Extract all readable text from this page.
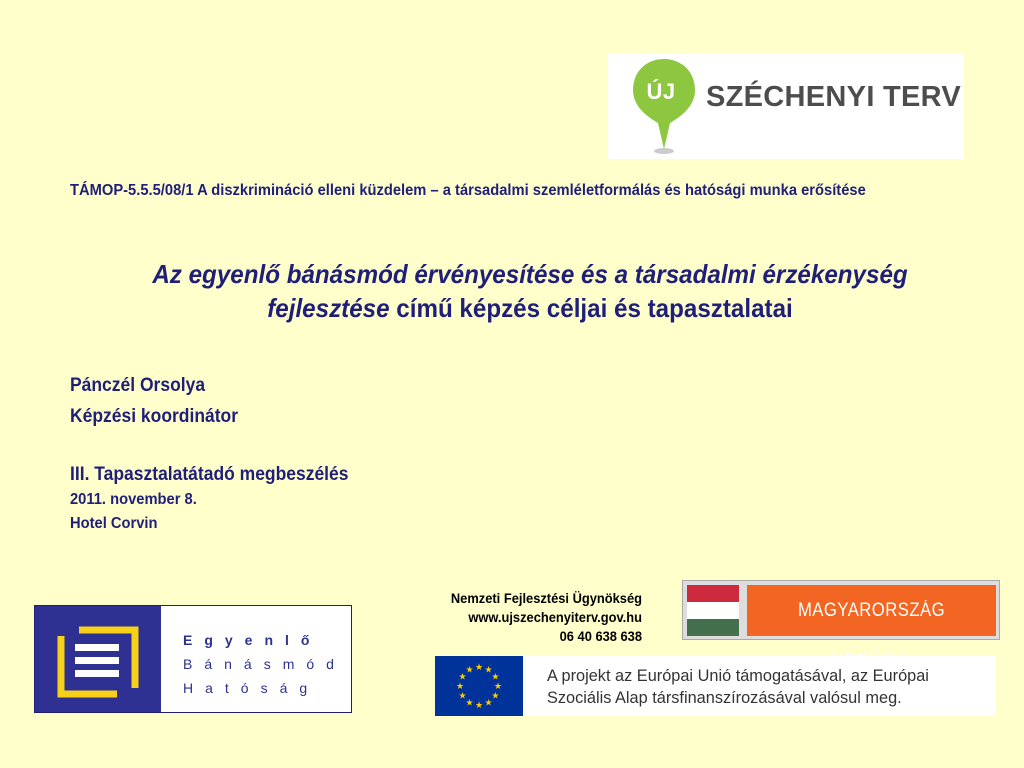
ÚJ	SZÉCHENYI TERV
TÁMOP-5.5.5/08/1 A diszkrimináció elleni küzdelem – a társadalmi szemléletformálás és hatósági munka erősítése
Az egyenlő bánásmód érvényesítése és a társadalmi érzékenység fejlesztése című képzés céljai és tapasztalatai
Pánczél Orsolya
Képzési koordinátor
III. Tapasztalatátadó megbeszélés
2011. november 8.
Hotel Corvin
Nemzeti Fejlesztési Ügynökség
www.ujszechenyiterv.gov.hu
06 40 638 638
Egyenlő
Bánásmód
Hatóság
MAGYARORSZÁG
★ ★
★
★
★
★
★
★
★
★
★
★	A projekt az Európai Unió támogatásával, az Európai
Szociális Alap társfinanszírozásával valósul meg.
